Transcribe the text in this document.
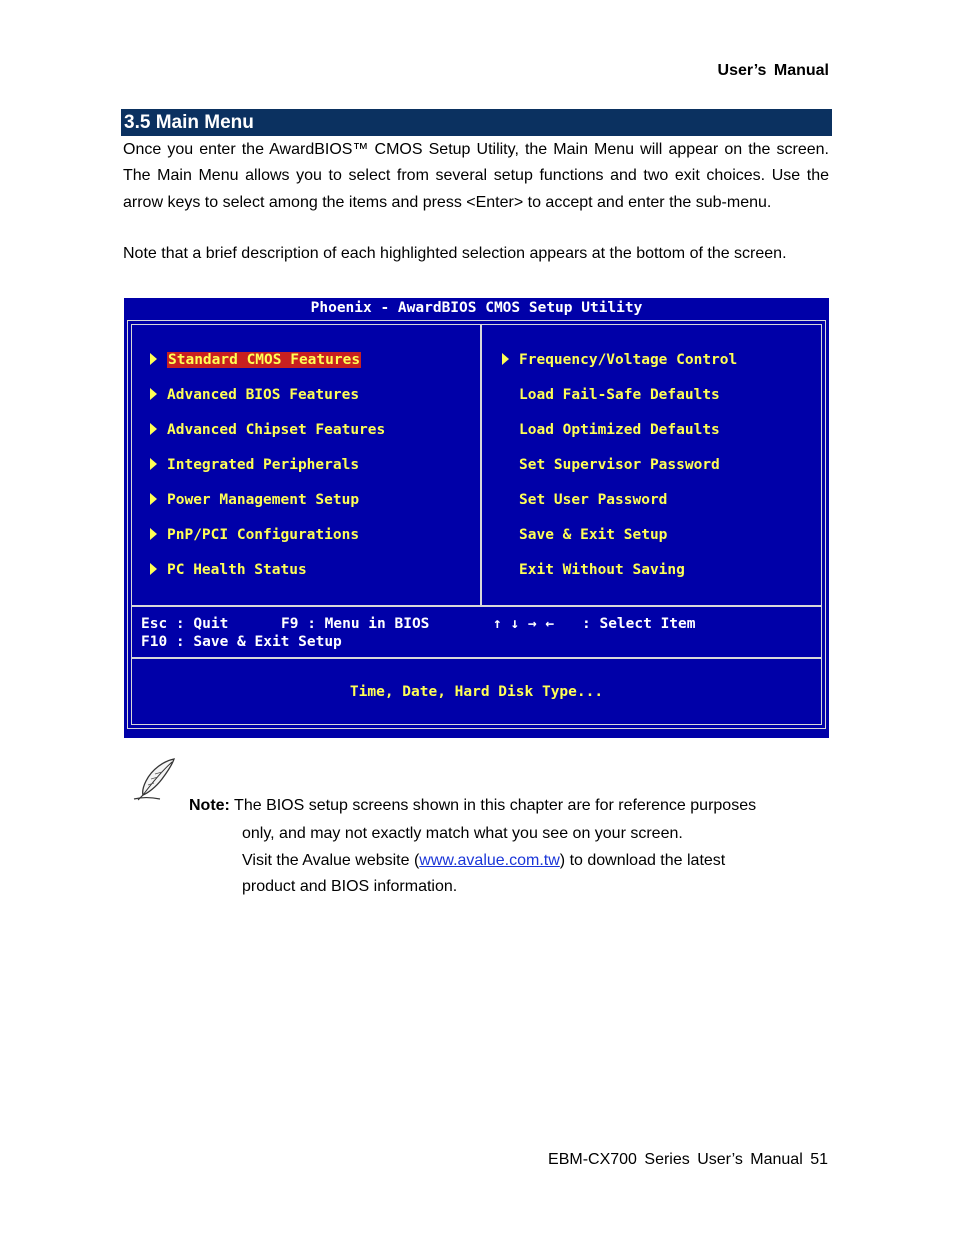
User’s Manual
3.5 Main Menu

Once you enter the AwardBIOS™ CMOS Setup Utility, the Main Menu will appear on the screen. The Main Menu allows you to select from several setup functions and two exit choices. Use the arrow keys to select among the items and press <Enter> to accept and enter the sub-menu.

Note that a brief description of each highlighted selection appears at the bottom of the screen.

Phoenix - AwardBIOS CMOS Setup Utility
Standard CMOS Features
Advanced BIOS Features
Advanced Chipset Features
Integrated Peripherals
Power Management Setup
PnP/PCI Configurations
PC Health Status
Frequency/Voltage Control
Load Fail-Safe Defaults
Load Optimized Defaults
Set Supervisor Password
Set User Password
Save & Exit Setup
Exit Without Saving
Esc : Quit	F9 : Menu in BIOS	↑ ↓ → ← : Select Item
F10 : Save & Exit Setup
Time, Date, Hard Disk Type...
Note: The BIOS setup screens shown in this chapter are for reference purposes
only, and may not exactly match what you see on your screen.
Visit the Avalue website (www.avalue.com.tw) to download the latest
product and BIOS information.
EBM-CX700 Series User’s Manual 51
